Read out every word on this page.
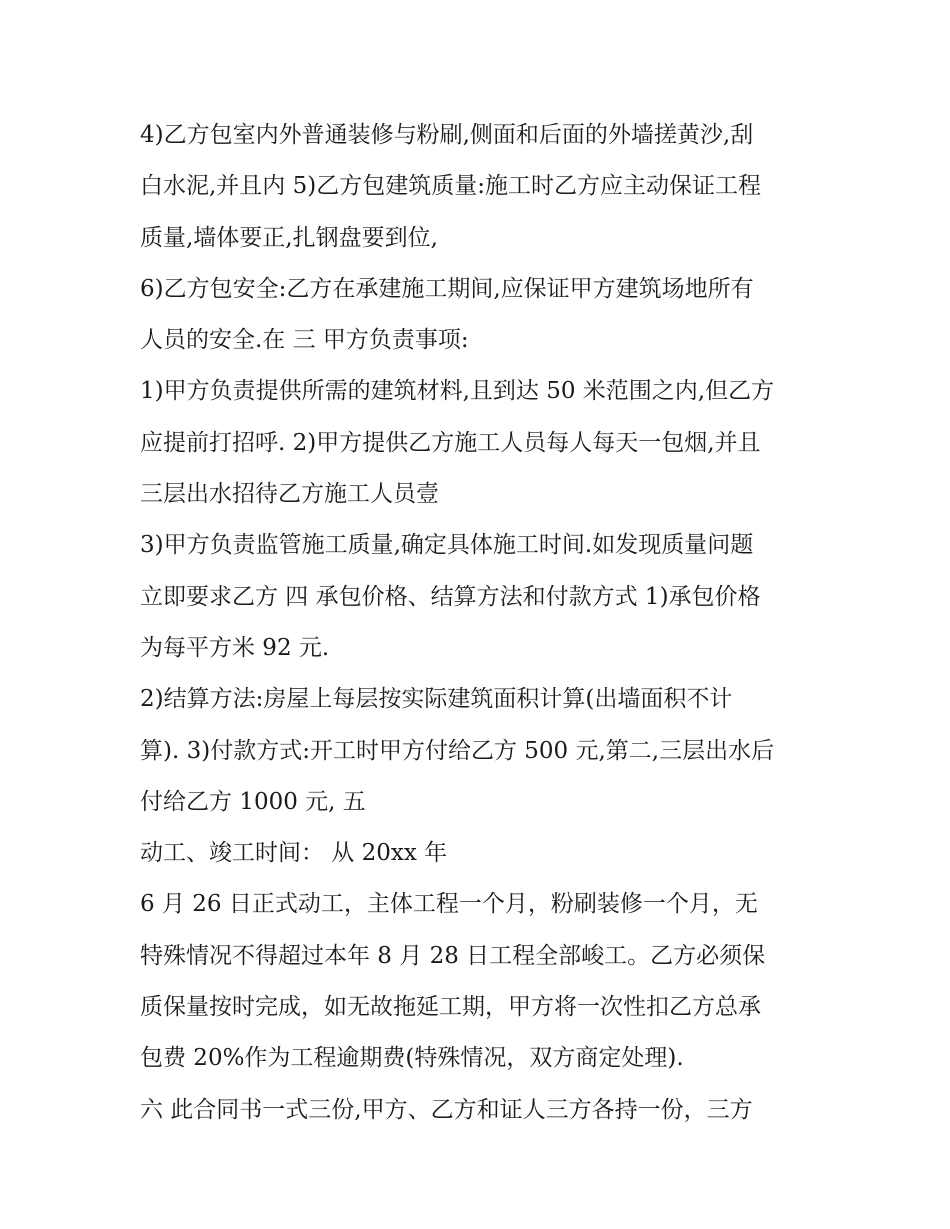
4)乙方包室内外普通装修与粉刷,侧面和后面的外墙搓黄沙,刮
白水泥,并且内 5)乙方包建筑质量:施工时乙方应主动保证工程
质量,墙体要正,扎钢盘要到位,
6)乙方包安全:乙方在承建施工期间,应保证甲方建筑场地所有
人员的安全.在 三 甲方负责事项:
1)甲方负责提供所需的建筑材料,且到达 50 米范围之内,但乙方
应提前打招呼. 2)甲方提供乙方施工人员每人每天一包烟,并且
三层出水招待乙方施工人员壹
3)甲方负责监管施工质量,确定具体施工时间.如发现质量问题
立即要求乙方 四 承包价格、结算方法和付款方式 1)承包价格
为每平方米 92 元.
2)结算方法:房屋上每层按实际建筑面积计算(出墙面积不计
算). 3)付款方式:开工时甲方付给乙方 500 元,第二,三层出水后
付给乙方 1000 元, 五
动工、竣工时间： 从 20xx 年
6 月 26 日正式动工，主体工程一个月，粉刷装修一个月，无
特殊情况不得超过本年 8 月 28 日工程全部峻工。乙方必须保
质保量按时完成，如无故拖延工期，甲方将一次性扣乙方总承
包费 20%作为工程逾期费(特殊情况，双方商定处理).
六 此合同书一式三份,甲方、乙方和证人三方各持一份，三方
